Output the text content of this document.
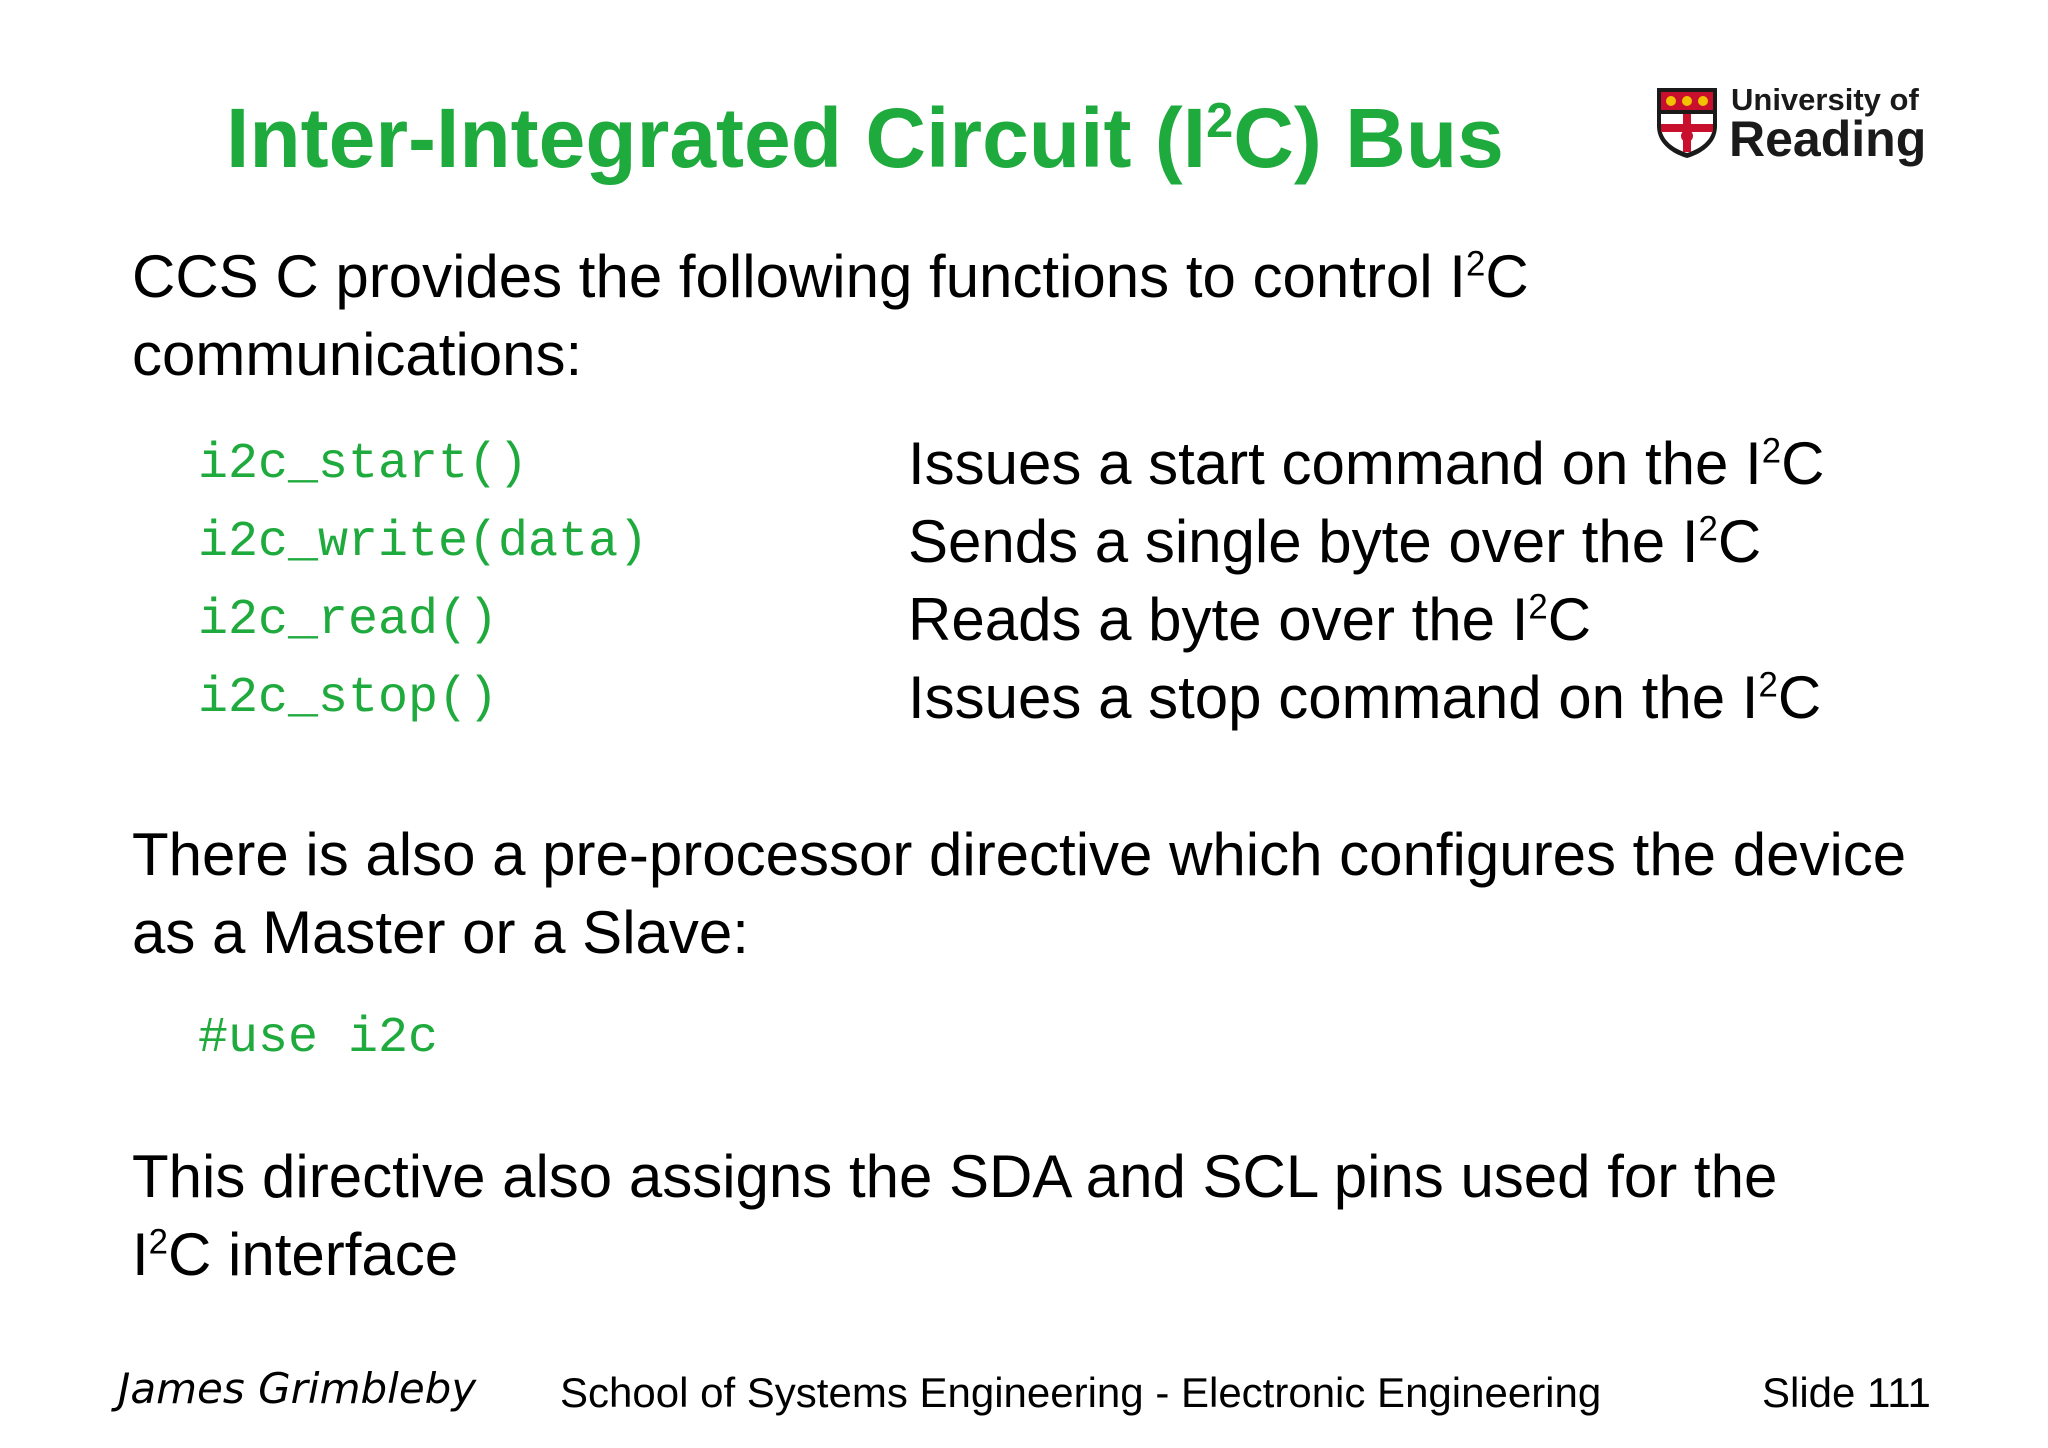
Inter-Integrated Circuit $(I^2C)$ Bus	University of
Reading
CCS C provides the following functions to control $I^2C$ communications:
i2c_start()	Issues a start command on the $I^2C$
i2c_write(data)	Sends a single byte over the $I^2C$
i2c_read()	Reads a byte over the $I^2C$
i2c_stop()	Issues a stop command on the $I^2C$
There is also a pre-processor directive which configures the device as a Master or a Slave:
#use i2c
This directive also assigns the SDA and SCL pins used for the
$I^2C$ interface
James Grimbleby School of Systems Engineering - Electronic Engineering	Slide 111
